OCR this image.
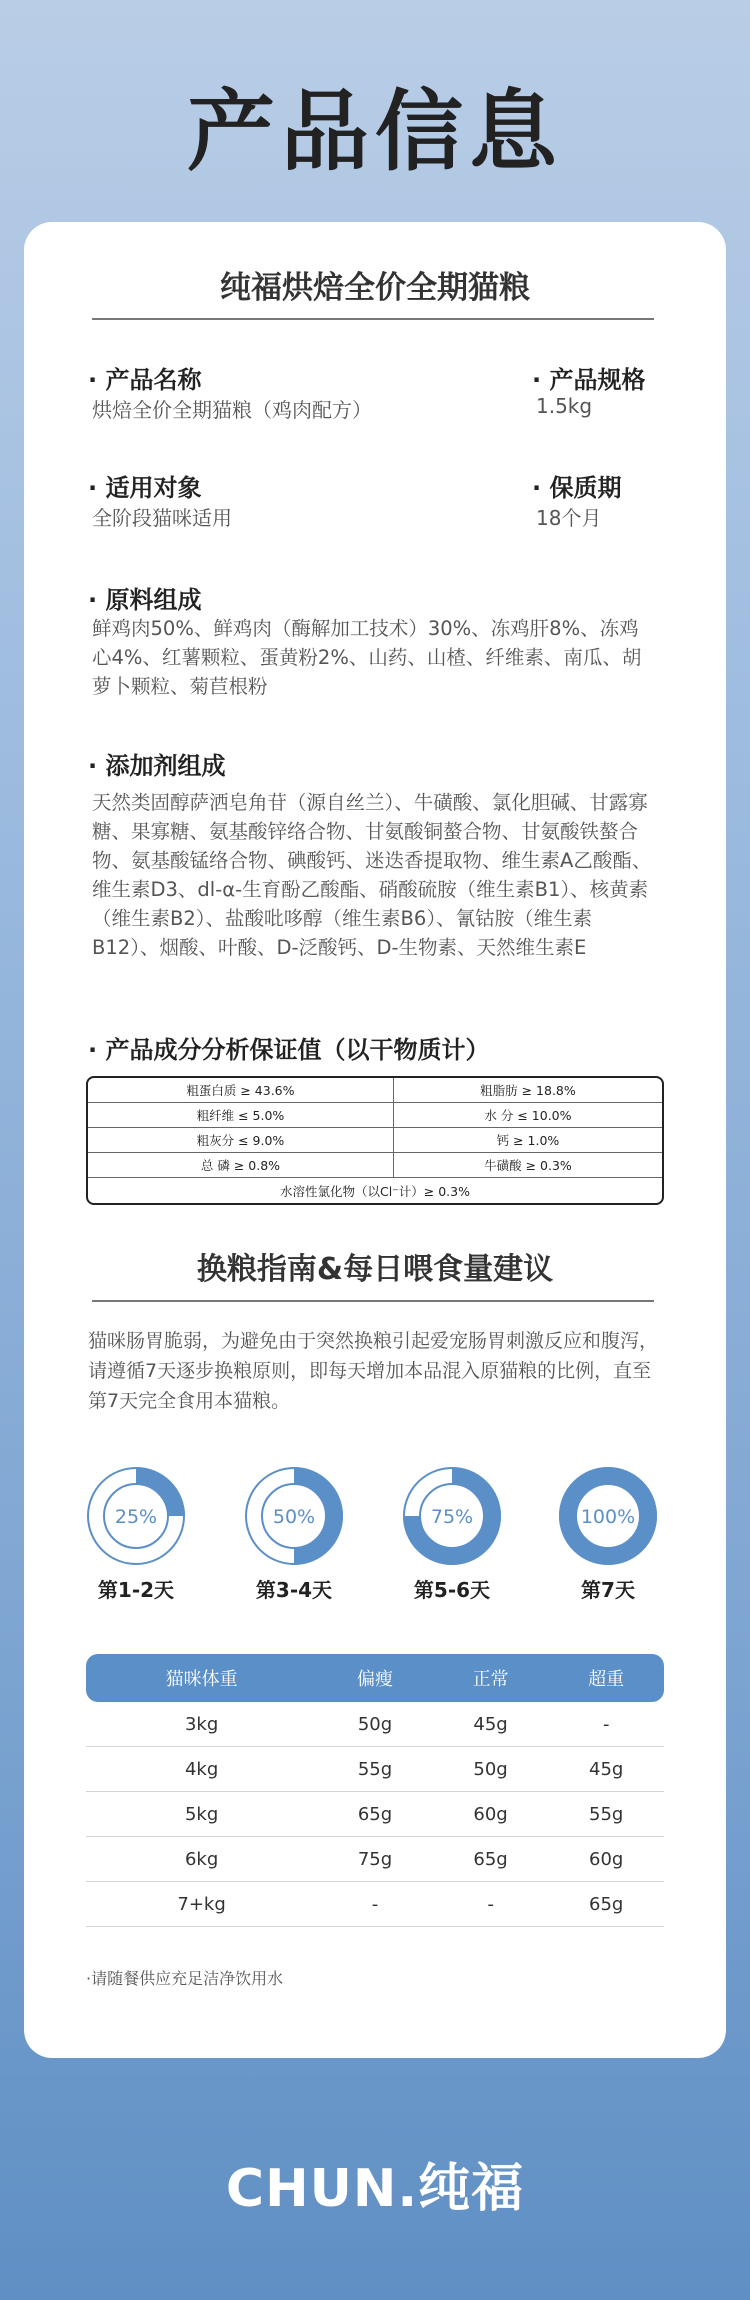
产品信息
纯福烘焙全价全期猫粮
· 产品名称
烘焙全价全期猫粮（鸡肉配方）
· 产品规格
1.5kg
· 适用对象
全阶段猫咪适用
· 保质期
18个月
· 原料组成
鲜鸡肉50%、鲜鸡肉（酶解加工技术）30%、冻鸡肝8%、冻鸡心4%、红薯颗粒、蛋黄粉2%、山药、山楂、纤维素、南瓜、胡萝卜颗粒、菊苣根粉
· 添加剂组成
天然类固醇萨洒皂角苷（源自丝兰）、牛磺酸、氯化胆碱、甘露寡糖、果寡糖、氨基酸锌络合物、甘氨酸铜螯合物、甘氨酸铁螯合物、氨基酸锰络合物、碘酸钙、迷迭香提取物、维生素A乙酸酯、维生素D3、dl-α-生育酚乙酸酯、硝酸硫胺（维生素B1）、核黄素（维生素B2）、盐酸吡哆醇（维生素B6）、氰钴胺（维生素B12）、烟酸、叶酸、D-泛酸钙、D-生物素、天然维生素E
· 产品成分分析保证值（以干物质计）
粗蛋白质 ≥ 43.6%	粗脂肪 ≥ 18.8%
粗纤维 ≤ 5.0%	水 分 ≤ 10.0%
粗灰分 ≤ 9.0%	钙 ≥ 1.0%
总 磷 ≥ 0.8%	牛磺酸 ≥ 0.3%
水溶性氯化物（以Cl⁻计）≥ 0.3%	
换粮指南&每日喂食量建议
猫咪肠胃脆弱，为避免由于突然换粮引起爱宠肠胃刺激反应和腹泻，请遵循7天逐步换粮原则，即每天增加本品混入原猫粮的比例，直至第7天完全食用本猫粮。
25%
第1-2天
50%
第3-4天
75%
第5-6天
100%
第7天
猫咪体重	偏瘦	正常	超重
3kg	50g	45g	-
4kg	55g	50g	45g
5kg	65g	60g	55g
6kg	75g	65g	60g
7+kg	-	-	65g
·请随餐供应充足洁净饮用水
CHUN.纯福
